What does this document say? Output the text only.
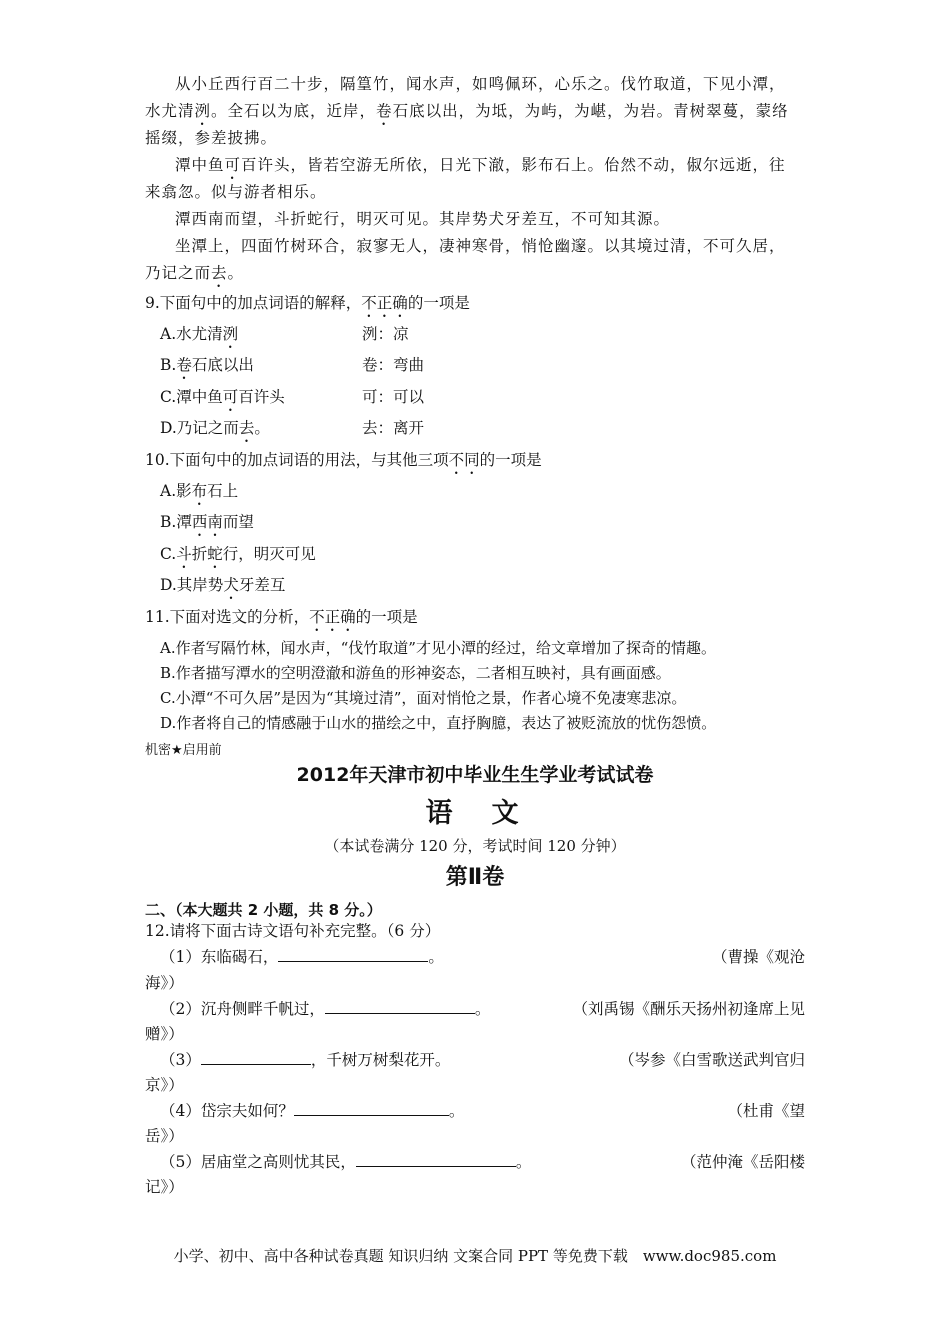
从小丘西行百二十步，隔篁竹，闻水声，如鸣佩环，心乐之。伐竹取道，下见小潭，
水尤清洌。全石以为底，近岸，卷石底以出，为坻，为屿，为嵁，为岩。青树翠蔓，蒙络
摇缀，参差披拂。
潭中鱼可百许头，皆若空游无所依，日光下澈，影布石上。佁然不动，俶尔远逝，往
来翕忽。似与游者相乐。
潭西南而望，斗折蛇行，明灭可见。其岸势犬牙差互，不可知其源。
坐潭上，四面竹树环合，寂寥无人，凄神寒骨，悄怆幽邃。以其境过清，不可久居，
乃记之而去。
9.下面句中的加点词语的解释，不正确的一项是
A.水尤清洌	洌：凉
B.卷石底以出	卷：弯曲
C.潭中鱼可百许头	可：可以
D.乃记之而去。	去：离开
10.下面句中的加点词语的用法，与其他三项不同的一项是
A.影布石上
B.潭西南而望
C.斗折蛇行，明灭可见
D.其岸势犬牙差互
11.下面对选文的分析，不正确的一项是
A.作者写隔竹林，闻水声，“伐竹取道”才见小潭的经过，给文章增加了探奇的情趣。
B.作者描写潭水的空明澄澈和游鱼的形神姿态，二者相互映衬，具有画面感。
C.小潭“不可久居”是因为“其境过清”，面对悄怆之景，作者心境不免凄寒悲凉。
D.作者将自己的情感融于山水的描绘之中，直抒胸臆，表达了被贬流放的忧伤怨愤。
机密★启用前
2012年天津市初中毕业生生学业考试试卷
语　文
（本试卷满分 120 分，考试时间 120 分钟）
第Ⅱ卷
二、（本大题共 2 小题，共 8 分。）
12.请将下面古诗文语句补充完整。（6 分）
（1）东临碣石，	。	（曹操《观沧
海》）
（2）沉舟侧畔千帆过，	。	（刘禹锡《酬乐天扬州初逢席上见
赠》）
（3）	，千树万树梨花开。	（岑参《白雪歌送武判官归
京》）
（4）岱宗夫如何？	。	（杜甫《望
岳》）
（5）居庙堂之高则忧其民，	。	（范仲淹《岳阳楼
记》）
小学、初中、高中各种试卷真题 知识归纳 文案合同 PPT 等免费下载　www.doc985.com
